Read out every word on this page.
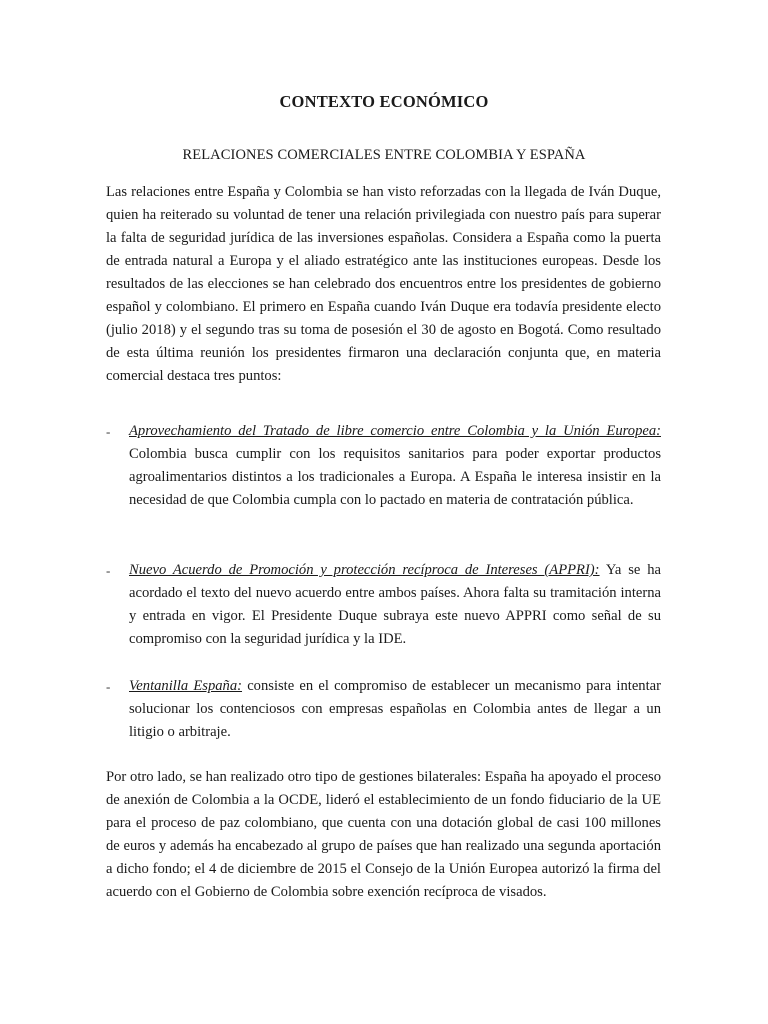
CONTEXTO ECONÓMICO
RELACIONES COMERCIALES ENTRE COLOMBIA Y ESPAÑA

Las relaciones entre España y Colombia se han visto reforzadas con la llegada de Iván Duque, quien ha reiterado su voluntad de tener una relación privilegiada con nuestro país para superar la falta de seguridad jurídica de las inversiones españolas. Considera a España como la puerta de entrada natural a Europa y el aliado estratégico ante las instituciones europeas. Desde los resultados de las elecciones se han celebrado dos encuentros entre los presidentes de gobierno español y colombiano. El primero en España cuando Iván Duque era todavía presidente electo (julio 2018) y el segundo tras su toma de posesión el 30 de agosto en Bogotá. Como resultado de esta última reunión los presidentes firmaron una declaración conjunta que, en materia comercial destaca tres puntos:

- Aprovechamiento del Tratado de libre comercio entre Colombia y la Unión Europea: Colombia busca cumplir con los requisitos sanitarios para poder exportar productos agroalimentarios distintos a los tradicionales a Europa. A España le interesa insistir en la necesidad de que Colombia cumpla con lo pactado en materia de contratación pública.

- Nuevo Acuerdo de Promoción y protección recíproca de Intereses (APPRI): Ya se ha acordado el texto del nuevo acuerdo entre ambos países. Ahora falta su tramitación interna y entrada en vigor. El Presidente Duque subraya este nuevo APPRI como señal de su compromiso con la seguridad jurídica y la IDE.

- Ventanilla España: consiste en el compromiso de establecer un mecanismo para intentar solucionar los contenciosos con empresas españolas en Colombia antes de llegar a un litigio o arbitraje.

Por otro lado, se han realizado otro tipo de gestiones bilaterales: España ha apoyado el proceso de anexión de Colombia a la OCDE, lideró el establecimiento de un fondo fiduciario de la UE para el proceso de paz colombiano, que cuenta con una dotación global de casi 100 millones de euros y además ha encabezado al grupo de países que han realizado una segunda aportación a dicho fondo; el 4 de diciembre de 2015 el Consejo de la Unión Europea autorizó la firma del acuerdo con el Gobierno de Colombia sobre exención recíproca de visados.
